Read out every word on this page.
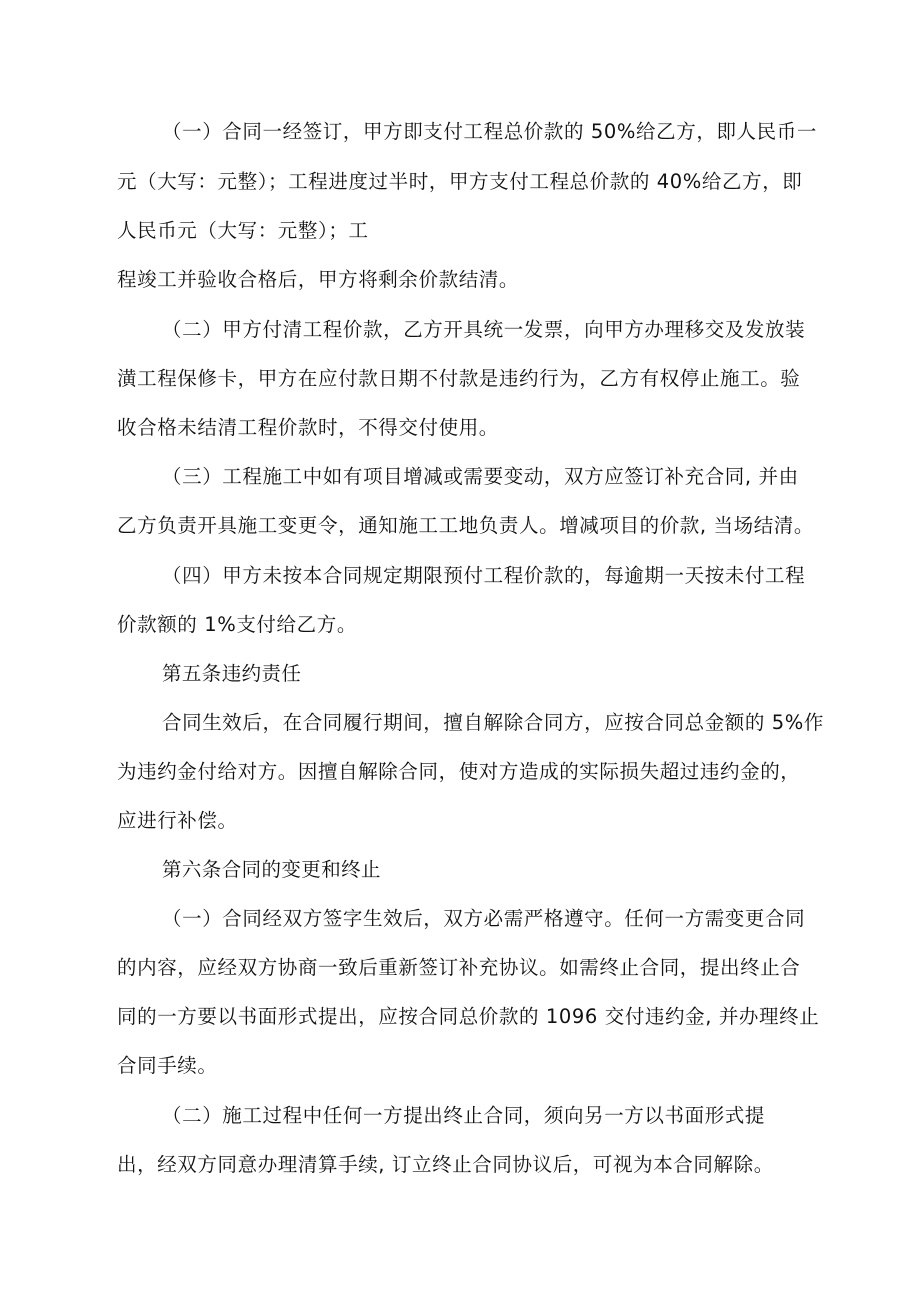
（一）合同一经签订，甲方即支付工程总价款的 50%给乙方，即人民币一
元（大写：元整）；工程进度过半时，甲方支付工程总价款的 40%给乙方，即
人民币元（大写：元整）；工
程竣工并验收合格后，甲方将剩余价款结清。
（二）甲方付清工程价款，乙方开具统一发票，向甲方办理移交及发放装
潢工程保修卡，甲方在应付款日期不付款是违约行为，乙方有权停止施工。验
收合格未结清工程价款时，不得交付使用。
（三）工程施工中如有项目增减或需要变动，双方应签订补充合同, 并由
乙方负责开具施工变更令，通知施工工地负责人。增减项目的价款, 当场结清。
（四）甲方未按本合同规定期限预付工程价款的，每逾期一天按未付工程
价款额的 1%支付给乙方。
第五条违约责任
合同生效后，在合同履行期间，擅自解除合同方，应按合同总金额的 5%作
为违约金付给对方。因擅自解除合同，使对方造成的实际损失超过违约金的，
应进行补偿。
第六条合同的变更和终止
（一）合同经双方签字生效后，双方必需严格遵守。任何一方需变更合同
的内容，应经双方协商一致后重新签订补充协议。如需终止合同，提出终止合
同的一方要以书面形式提出，应按合同总价款的 1096 交付违约金, 并办理终止
合同手续。
（二）施工过程中任何一方提出终止合同，须向另一方以书面形式提
出，经双方同意办理清算手续, 订立终止合同协议后，可视为本合同解除。
